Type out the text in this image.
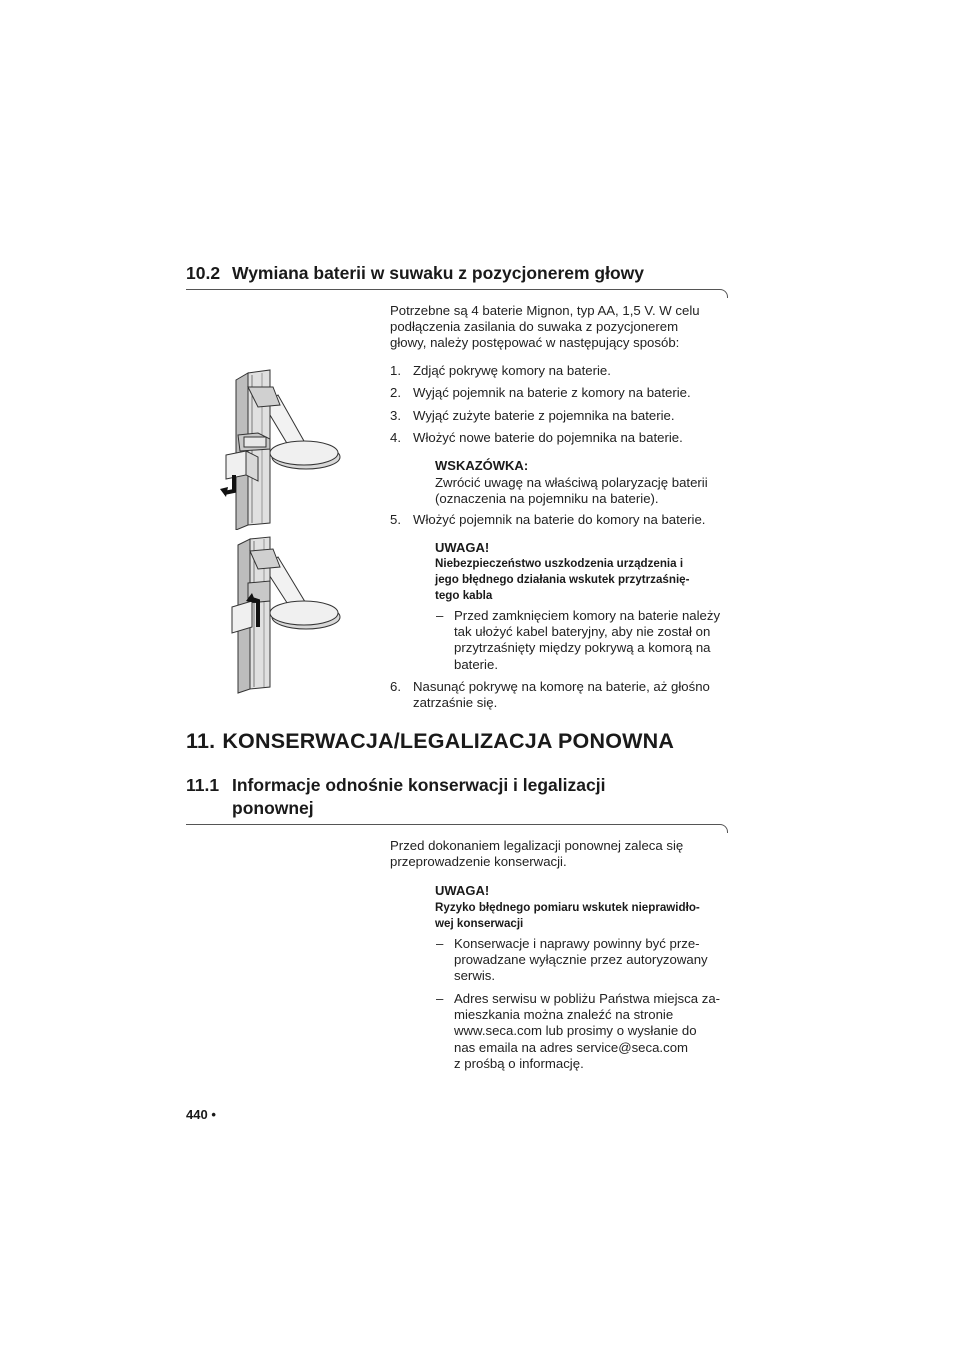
10.2 Wymiana baterii w suwaku z pozycjonerem głowy
Potrzebne są 4 baterie Mignon, typ AA, 1,5 V. W celu
podłączenia zasilania do suwaka z pozycjonerem
głowy, należy postępować w następujący sposób:
1. Zdjąć pokrywę komory na baterie.
2. Wyjąć pojemnik na baterie z komory na baterie.
3. Wyjąć zużyte baterie z pojemnika na baterie.
4. Włożyć nowe baterie do pojemnika na baterie.
WSKAZÓWKA:
Zwrócić uwagę na właściwą polaryzację baterii
(oznaczenia na pojemniku na baterie).
5. Włożyć pojemnik na baterie do komory na baterie.
UWAGA!
Niebezpieczeństwo uszkodzenia urządzenia i
jego błędnego działania wskutek przytrzaśnię-
tego kabla
– Przed zamknięciem komory na baterie należy
tak ułożyć kabel bateryjny, aby nie został on
przytrzaśnięty między pokrywą a komorą na
baterie.
6. Nasunąć pokrywę na komorę na baterie, aż głośno
zatrzaśnie się.
11. KONSERWACJA/LEGALIZACJA PONOWNA
11.1 Informacje odnośnie konserwacji i legalizacji
ponownej
Przed dokonaniem legalizacji ponownej zaleca się
przeprowadzenie konserwacji.
UWAGA!
Ryzyko błędnego pomiaru wskutek nieprawidło-
wej konserwacji
– Konserwacje i naprawy powinny być prze-
prowadzane wyłącznie przez autoryzowany
serwis.
– Adres serwisu w pobliżu Państwa miejsca za-
mieszkania można znaleźć na stronie
www.seca.com lub prosimy o wysłanie do
nas emaila na adres service@seca.com
z prośbą o informację.
440 •
